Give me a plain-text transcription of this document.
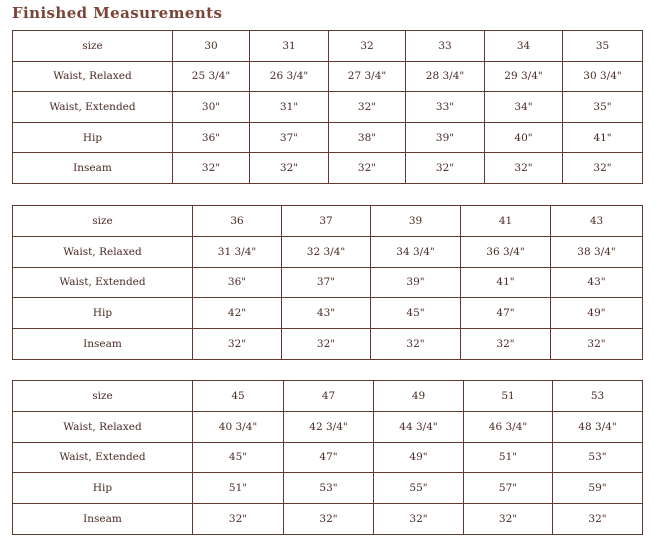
Finished Measurements
size	30	31	32	33	34	35
Waist, Relaxed	25 3/4"	26 3/4"	27 3/4"	28 3/4"	29 3/4"	30 3/4"
Waist, Extended	30"	31"	32"	33"	34"	35"
Hip	36"	37"	38"	39"	40"	41"
Inseam	32"	32"	32"	32"	32"	32"
size	36	37	39	41	43
Waist, Relaxed	31 3/4"	32 3/4"	34 3/4"	36 3/4"	38 3/4"
Waist, Extended	36"	37"	39"	41"	43"
Hip	42"	43"	45"	47"	49"
Inseam	32"	32"	32"	32"	32"
size	45	47	49	51	53
Waist, Relaxed	40 3/4"	42 3/4"	44 3/4"	46 3/4"	48 3/4"
Waist, Extended	45"	47"	49"	51"	53"
Hip	51"	53"	55"	57"	59"
Inseam	32"	32"	32"	32"	32"
